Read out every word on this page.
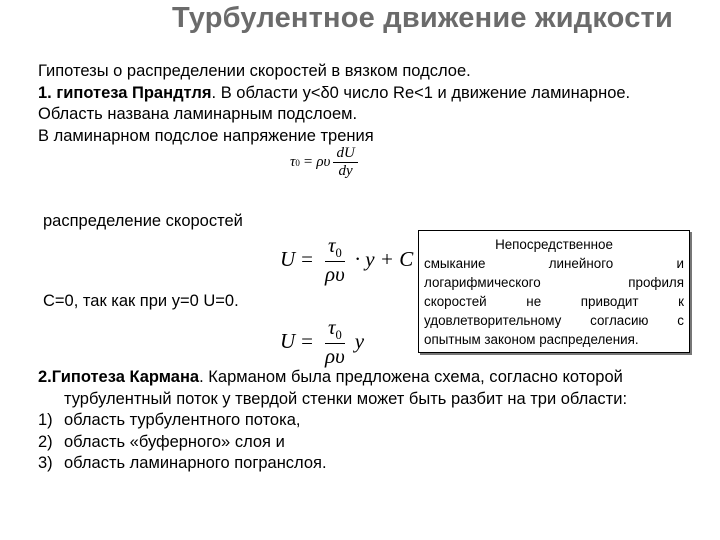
Турбулентное движение жидкости
Гипотезы о распределении скоростей в вязком подслое.
1. гипотеза Прандтля. В области y<δ0 число Re<1 и движение ламинарное.
Область названа ламинарным подслоем.
В ламинарном подслое напряжение трения
τ 0 = ρυ $\frac{dU}{dy}$
распределение скоростей
$U = \frac{\tau_0}{\rho\upsilon} \cdot y + C$
C=0, так как при y=0 U=0.
$U = \frac{\tau_0}{\rho\upsilon}$ y
Непосредственное
смыкание линейного и
логарифмического профиля
скоростей не приводит к
удовлетворительному согласию с
опытным законом распределения.
2.Гипотеза Кармана. Карманом была предложена схема, согласно которой
турбулентный поток у твердой стенки может быть разбит на три области:
1) область турбулентного потока,
2) область «буферного» слоя и
3) область ламинарного погранслоя.
